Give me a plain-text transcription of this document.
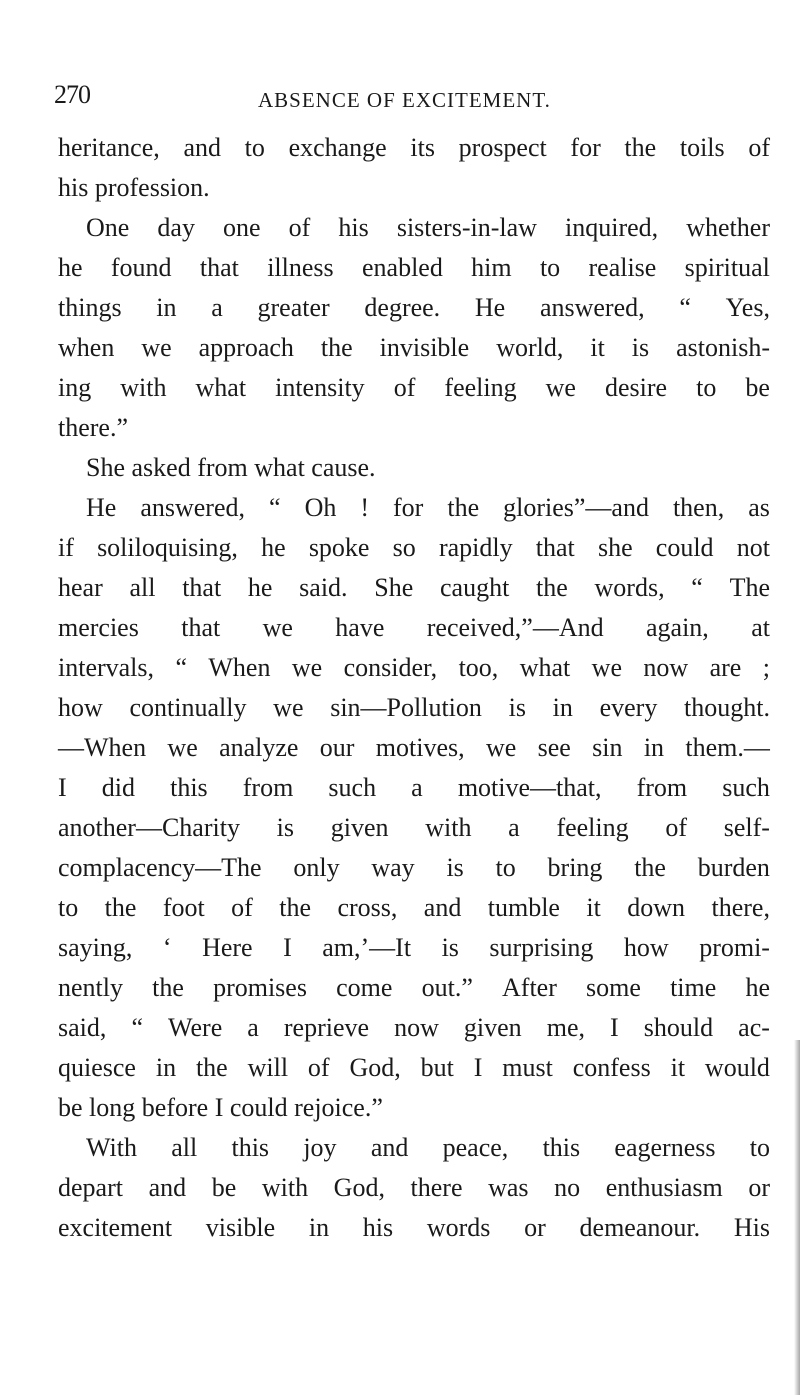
270	ABSENCE OF EXCITEMENT.
heritance, and to exchange its prospect for the toils of
his profession.
One day one of his sisters-in-law inquired, whether
he found that illness enabled him to realise spiritual
things in a greater degree. He answered, “ Yes,
when we approach the invisible world, it is astonish-
ing with what intensity of feeling we desire to be
there.”
She asked from what cause.
He answered, “ Oh ! for the glories”—and then, as
if soliloquising, he spoke so rapidly that she could not
hear all that he said. She caught the words, “ The
mercies that we have received,”—And again, at
intervals, “ When we consider, too, what we now are ;
how continually we sin—Pollution is in every thought.
—When we analyze our motives, we see sin in them.—
I did this from such a motive—that, from such
another—Charity is given with a feeling of self-
complacency—The only way is to bring the burden
to the foot of the cross, and tumble it down there,
saying, ‘ Here I am,’—It is surprising how promi-
nently the promises come out.” After some time he
said, “ Were a reprieve now given me, I should ac-
quiesce in the will of God, but I must confess it would
be long before I could rejoice.”
With all this joy and peace, this eagerness to
depart and be with God, there was no enthusiasm or
excitement visible in his words or demeanour. His
